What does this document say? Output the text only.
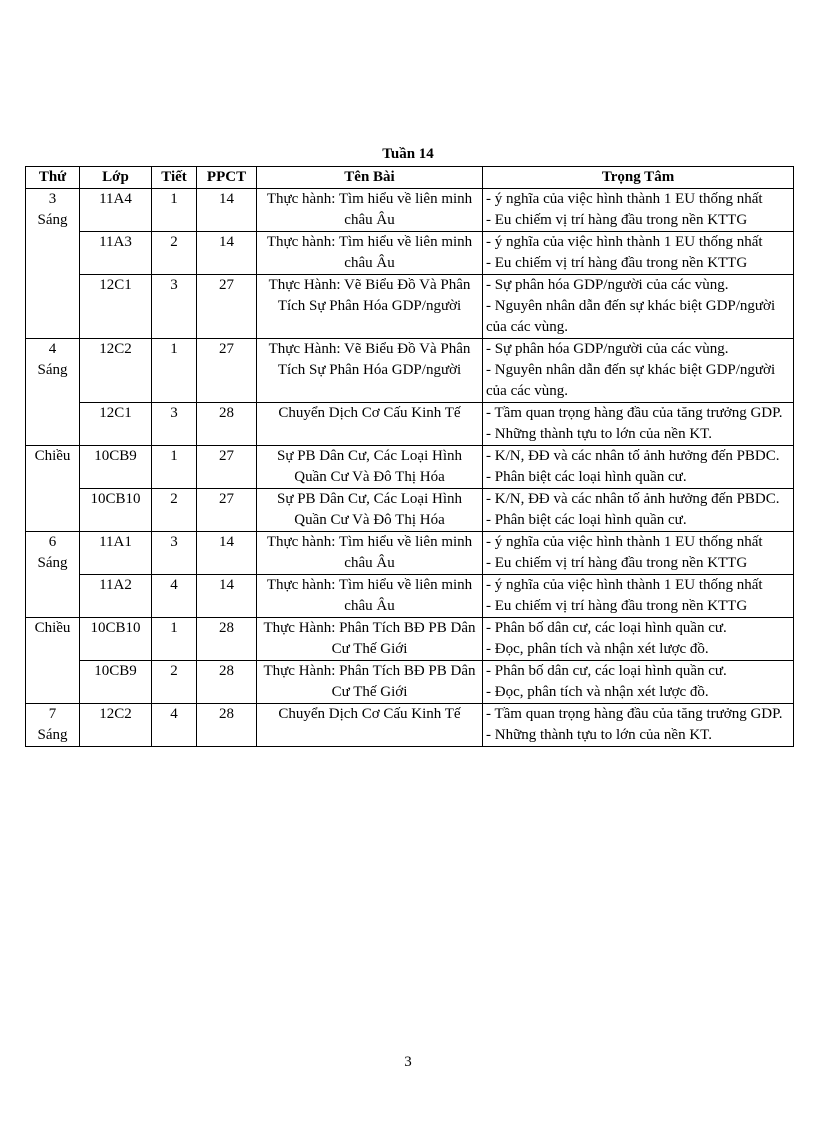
Tuần 14
Thứ	Lớp	Tiết	PPCT	Tên Bài	Trọng Tâm

3
Sáng	11A4	1	14	Thực hành: Tìm hiểu về liên minh châu Âu	- ý nghĩa của việc hình thành 1 EU thống nhất
- Eu chiếm vị trí hàng đầu trong nền KTTG

	11A3	2	14	Thực hành: Tìm hiểu về liên minh châu Âu	- ý nghĩa của việc hình thành 1 EU thống nhất
- Eu chiếm vị trí hàng đầu trong nền KTTG

	12C1	3	27	Thực Hành: Vẽ Biểu Đồ Và Phân Tích Sự Phân Hóa GDP/người	- Sự phân hóa GDP/người của các vùng.
- Nguyên nhân dẫn đến sự khác biệt GDP/người của các vùng.

4
Sáng	12C2	1	27	Thực Hành: Vẽ Biểu Đồ Và Phân Tích Sự Phân Hóa GDP/người	- Sự phân hóa GDP/người của các vùng.
- Nguyên nhân dẫn đến sự khác biệt GDP/người của các vùng.

	12C1	3	28	Chuyển Dịch Cơ Cấu Kinh Tế	- Tầm quan trọng hàng đầu của tăng trưởng GDP.
- Những thành tựu to lớn của nền KT.

Chiều	10CB9	1	27	Sự PB Dân Cư, Các Loại Hình Quần Cư Và Đô Thị Hóa	- K/N, ĐĐ và các nhân tố ảnh hưởng đến PBDC.
- Phân biệt các loại hình quần cư.

	10CB10	2	27	Sự PB Dân Cư, Các Loại Hình Quần Cư Và Đô Thị Hóa	- K/N, ĐĐ và các nhân tố ảnh hưởng đến PBDC.
- Phân biệt các loại hình quần cư.

6
Sáng	11A1	3	14	Thực hành: Tìm hiểu về liên minh châu Âu	- ý nghĩa của việc hình thành 1 EU thống nhất
- Eu chiếm vị trí hàng đầu trong nền KTTG

	11A2	4	14	Thực hành: Tìm hiểu về liên minh châu Âu	- ý nghĩa của việc hình thành 1 EU thống nhất
- Eu chiếm vị trí hàng đầu trong nền KTTG

Chiều	10CB10	1	28	Thực Hành: Phân Tích BĐ PB Dân Cư Thế Giới	- Phân bố dân cư, các loại hình quần cư.
- Đọc, phân tích và nhận xét lược đồ.

	10CB9	2	28	Thực Hành: Phân Tích BĐ PB Dân Cư Thế Giới	- Phân bố dân cư, các loại hình quần cư.
- Đọc, phân tích và nhận xét lược đồ.

7
Sáng	12C2	4	28	Chuyển Dịch Cơ Cấu Kinh Tế	- Tầm quan trọng hàng đầu của tăng trưởng GDP.
- Những thành tựu to lớn của nền KT.
3
